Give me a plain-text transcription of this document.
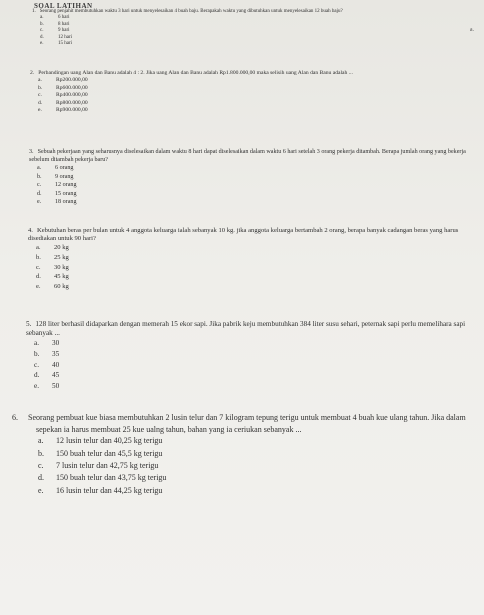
SOAL LATIHAN
a.
1. Seorang penjahit membutuhkan waktu 3 hari untuk menyelesaikan 4 buah baju. Berapakah waktu yang dibutuhkan untuk menyelesaikan 12 buah baju?
a.	6 hari
b.	8 hari
c.	9 hari
d.	12 hari
e.	15 hari
2. Perbandingan uang Alan dan Banu adalah 4 : 2. Jika uang Alan dan Banu adalah Rp1.800.000,00 maka selisih uang Alan dan Banu adalah ...
a.	Rp200.000,00
b.	Rp600.000,00
c.	Rp400.000,00
d.	Rp800.000,00
e.	Rp900.000,00
3. Sebuah pekerjaan yang seharusnya diselesaikan dalam waktu 8 hari dapat diselesaikan dalam waktu 6 hari setelah 3 orang pekerja ditambah. Berapa jumlah orang yang bekerja sebelum ditambah pekerja baru?
a.	6 orang
b.	9 orang
c.	12 orang
d.	15 orang
e.	18 orang
4. Kebutuhan beras per bulan untuk 4 anggota keluarga ialah sebanyak 10 kg. jika anggota keluarga bertambah 2 orang, berapa banyak cadangan beras yang harus disediakan untuk 90 hari?
a.	20 kg
b.	25 kg
c.	30 kg
d.	45 kg
e.	60 kg
5. 128 liter berhasil didaparkan dengan memerah 15 ekor sapi. Jika pabrik keju membutuhkan 384 liter susu sehari, peternak sapi perlu memelihara sapi sebanyak ...
a.	30
b.	35
c.	40
d.	45
e.	50
6. Seorang pembuat kue biasa membutuhkan 2 lusin telur dan 7 kilogram tepung terigu untuk membuat 4 buah kue ulang tahun. Jika dalam sepekan ia harus membuat 25 kue ualng tahun, bahan yang ia ceriukan sebanyak ...
a.	12 lusin telur dan 40,25 kg terigu
b.	150 buah telur dan 45,5 kg terigu
c.	7 lusin telur dan 42,75 kg terigu
d.	150 buah telur dan 43,75 kg terigu
e.	16 lusin telur dan 44,25 kg terigu
